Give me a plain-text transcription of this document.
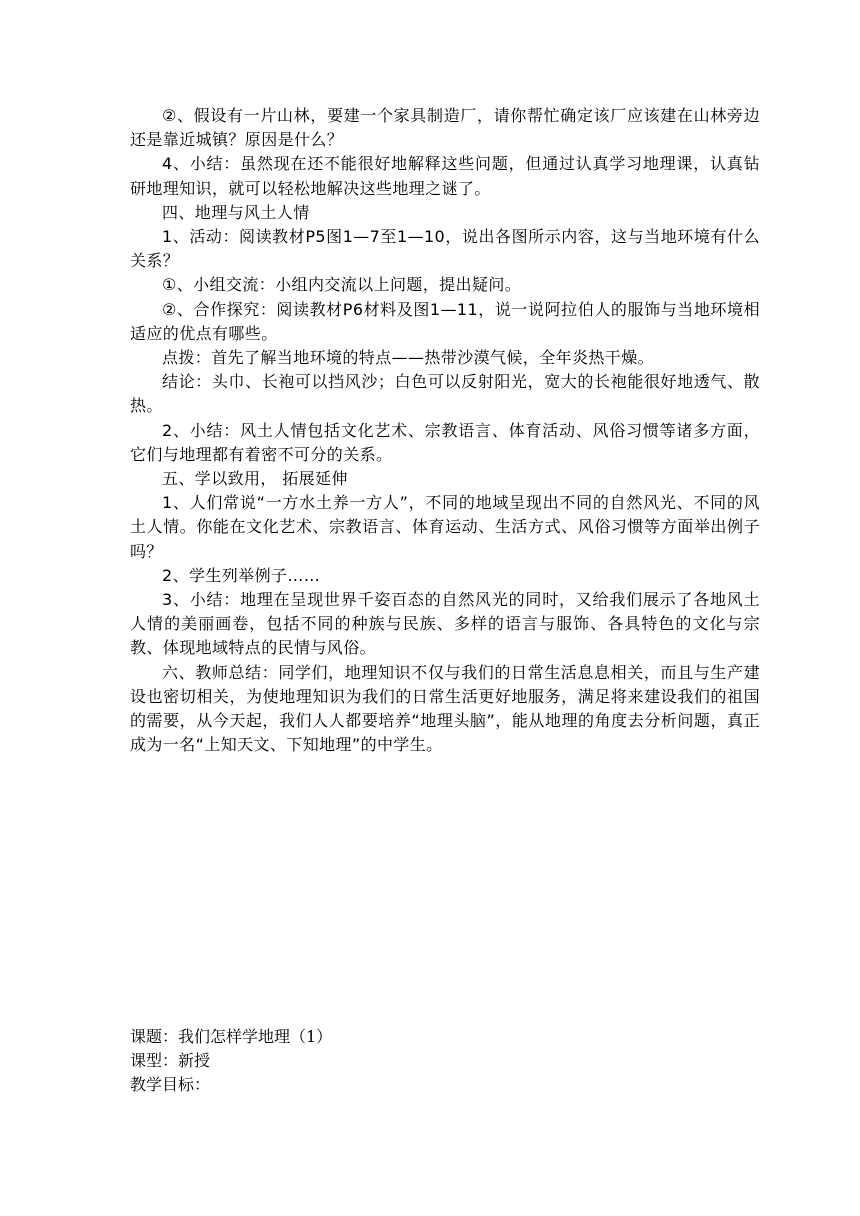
②、假设有一片山林，要建一个家具制造厂，请你帮忙确定该厂应该建在山林旁边还是靠近城镇？原因是什么？

4、小结：虽然现在还不能很好地解释这些问题，但通过认真学习地理课，认真钻研地理知识，就可以轻松地解决这些地理之谜了。

四、地理与风土人情

1、活动：阅读教材P5图1—7至1—10，说出各图所示内容，这与当地环境有什么关系？

①、小组交流：小组内交流以上问题，提出疑问。

②、合作探究：阅读教材P6材料及图1—11，说一说阿拉伯人的服饰与当地环境相适应的优点有哪些。

点拨：首先了解当地环境的特点——热带沙漠气候，全年炎热干燥。

结论：头巾、长袍可以挡风沙；白色可以反射阳光，宽大的长袍能很好地透气、散热。

2、小结：风土人情包括文化艺术、宗教语言、体育活动、风俗习惯等诸多方面，它们与地理都有着密不可分的关系。

五、学以致用， 拓展延伸

1、人们常说“一方水土养一方人”，不同的地域呈现出不同的自然风光、不同的风土人情。你能在文化艺术、宗教语言、体育运动、生活方式、风俗习惯等方面举出例子吗？

2、学生列举例子……

3、小结：地理在呈现世界千姿百态的自然风光的同时，又给我们展示了各地风土人情的美丽画卷，包括不同的种族与民族、多样的语言与服饰、各具特色的文化与宗教、体现地域特点的民情与风俗。

六、教师总结：同学们，地理知识不仅与我们的日常生活息息相关，而且与生产建设也密切相关，为使地理知识为我们的日常生活更好地服务，满足将来建设我们的祖国的需要，从今天起，我们人人都要培养“地理头脑”，能从地理的角度去分析问题，真正成为一名“上知天文、下知地理”的中学生。

课题：我们怎样学地理（1）

课型：新授

教学目标：
